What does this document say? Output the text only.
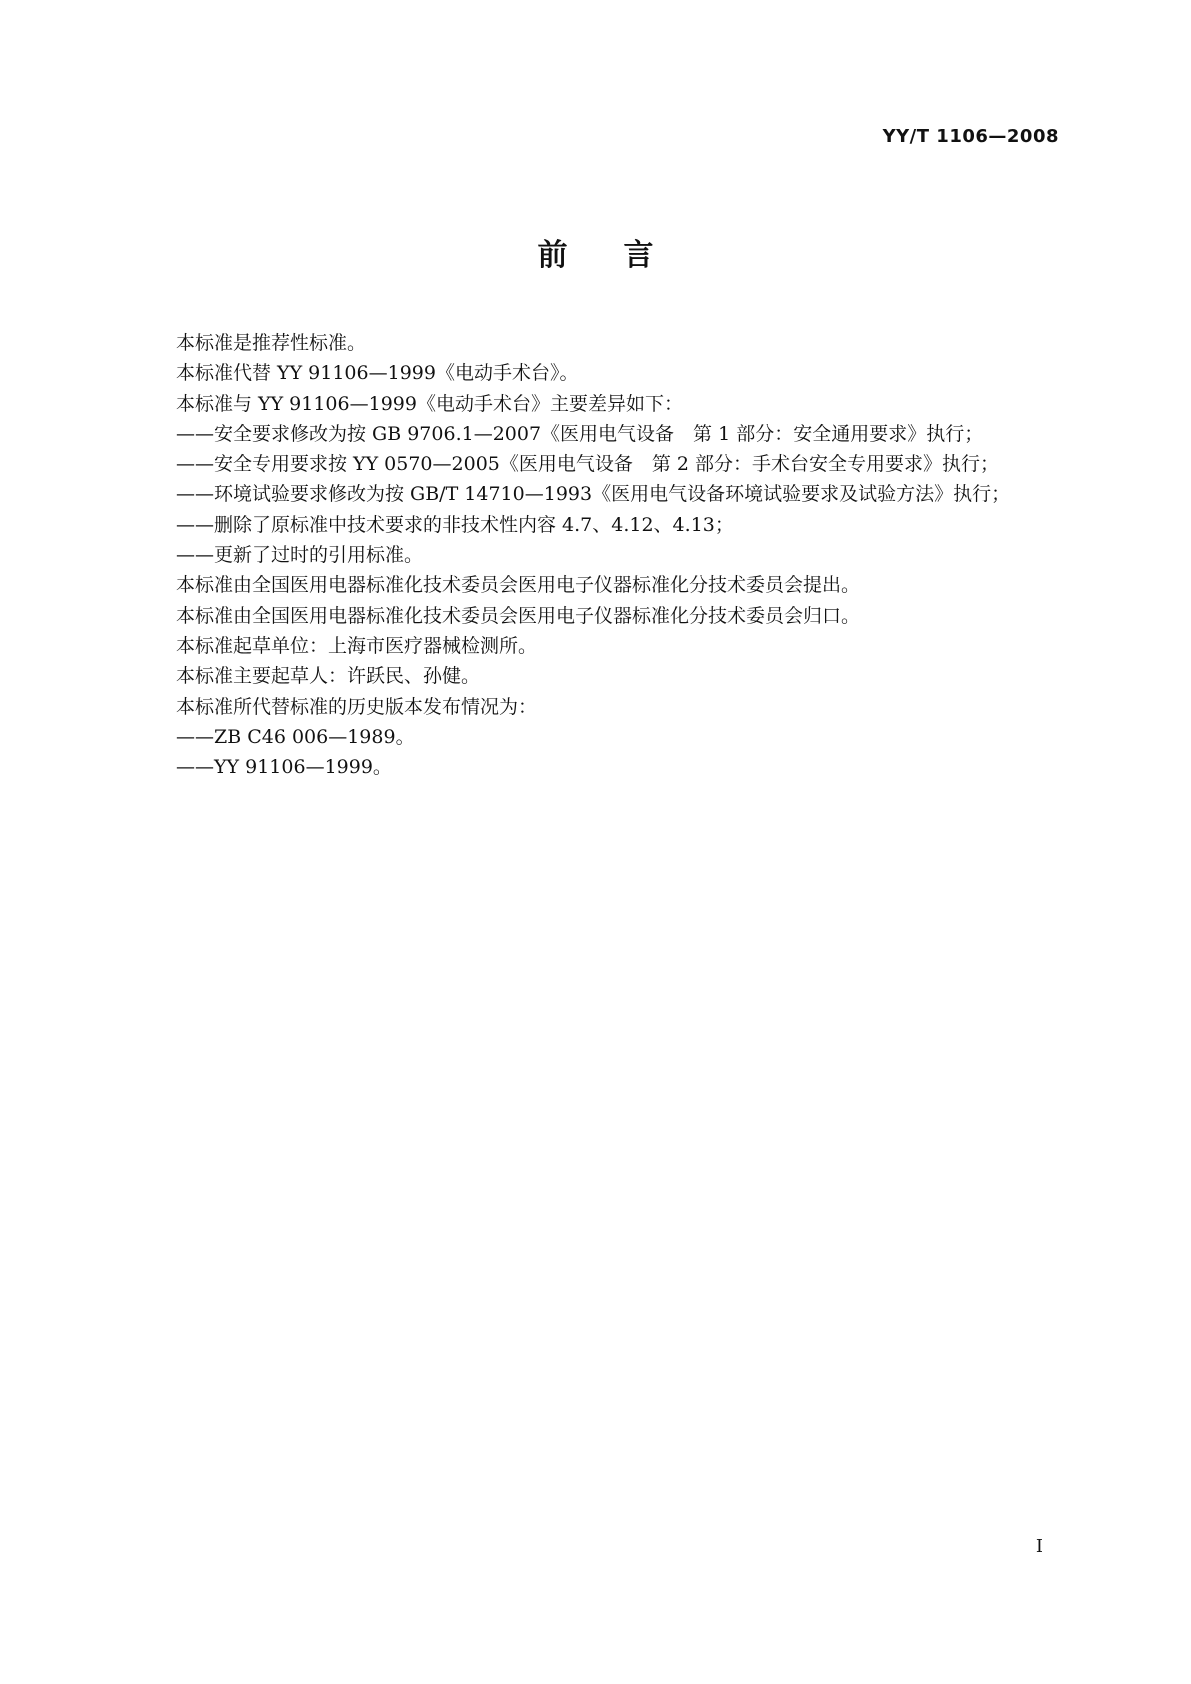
YY/T 1106—2008
前言
本标准是推荐性标准。
本标准代替 YY 91106—1999《电动手术台》。
本标准与 YY 91106—1999《电动手术台》主要差异如下：
——安全要求修改为按 GB 9706.1—2007《医用电气设备　第 1 部分：安全通用要求》执行；
——安全专用要求按 YY 0570—2005《医用电气设备　第 2 部分：手术台安全专用要求》执行；
——环境试验要求修改为按 GB/T 14710—1993《医用电气设备环境试验要求及试验方法》执行；
——删除了原标准中技术要求的非技术性内容 4.7、4.12、4.13；
——更新了过时的引用标准。
本标准由全国医用电器标准化技术委员会医用电子仪器标准化分技术委员会提出。
本标准由全国医用电器标准化技术委员会医用电子仪器标准化分技术委员会归口。
本标准起草单位：上海市医疗器械检测所。
本标准主要起草人：许跃民、孙健。
本标准所代替标准的历史版本发布情况为：
——ZB C46 006—1989。
——YY 91106—1999。
I
